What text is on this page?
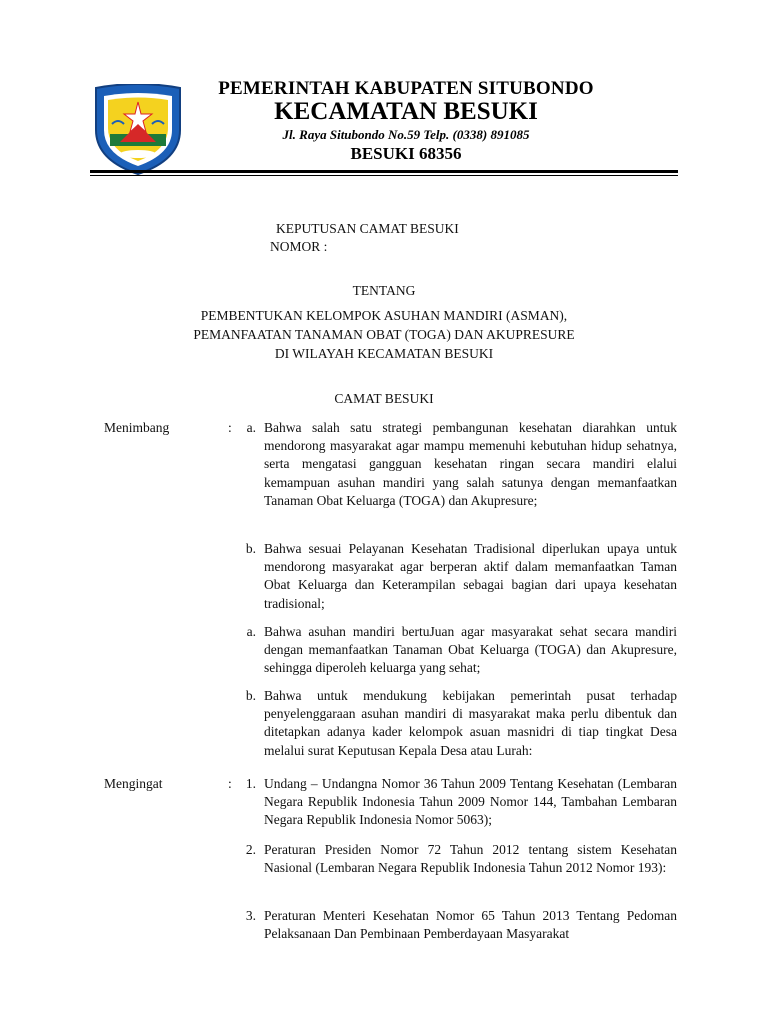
PEMERINTAH KABUPATEN SITUBONDO
KECAMATAN BESUKI
Jl. Raya Situbondo No.59 Telp. (0338) 891085
BESUKI 68356
KEPUTUSAN CAMAT BESUKI
NOMOR :
TENTANG
PEMBENTUKAN KELOMPOK ASUHAN MANDIRI (ASMAN),
PEMANFAATAN TANAMAN OBAT (TOGA) DAN AKUPRESURE
DI WILAYAH KECAMATAN BESUKI
CAMAT BESUKI
Menimbang	:	a. Bahwa salah satu strategi pembangunan kesehatan diarahkan untuk mendorong masyarakat agar mampu memenuhi kebutuhan hidup sehatnya, serta mengatasi gangguan kesehatan ringan secara mandiri elalui kemampuan asuhan mandiri yang salah satunya dengan memanfaatkan Tanaman Obat Keluarga (TOGA) dan Akupresure;
b. Bahwa sesuai Pelayanan Kesehatan Tradisional diperlukan upaya untuk mendorong masyarakat agar berperan aktif dalam memanfaatkan Taman Obat Keluarga dan Keterampilan sebagai bagian dari upaya kesehatan tradisional;
a. Bahwa asuhan mandiri bertuJuan agar masyarakat sehat secara mandiri dengan memanfaatkan Tanaman Obat Keluarga (TOGA) dan Akupresure, sehingga diperoleh keluarga yang sehat;
b. Bahwa untuk mendukung kebijakan pemerintah pusat terhadap penyelenggaraan asuhan mandiri di masyarakat maka perlu dibentuk dan ditetapkan adanya kader kelompok asuan masnidri di tiap tingkat Desa melalui surat Keputusan Kepala Desa atau Lurah:
Mengingat	:	1. Undang – Undangna Nomor 36 Tahun 2009 Tentang Kesehatan (Lembaran Negara Republik Indonesia Tahun 2009 Nomor 144, Tambahan Lembaran Negara Republik Indonesia Nomor 5063);
2. Peraturan Presiden Nomor 72 Tahun 2012 tentang sistem Kesehatan Nasional (Lembaran Negara Republik Indonesia Tahun 2012 Nomor 193):
3. Peraturan Menteri Kesehatan Nomor 65 Tahun 2013 Tentang Pedoman Pelaksanaan Dan Pembinaan Pemberdayaan Masyarakat
